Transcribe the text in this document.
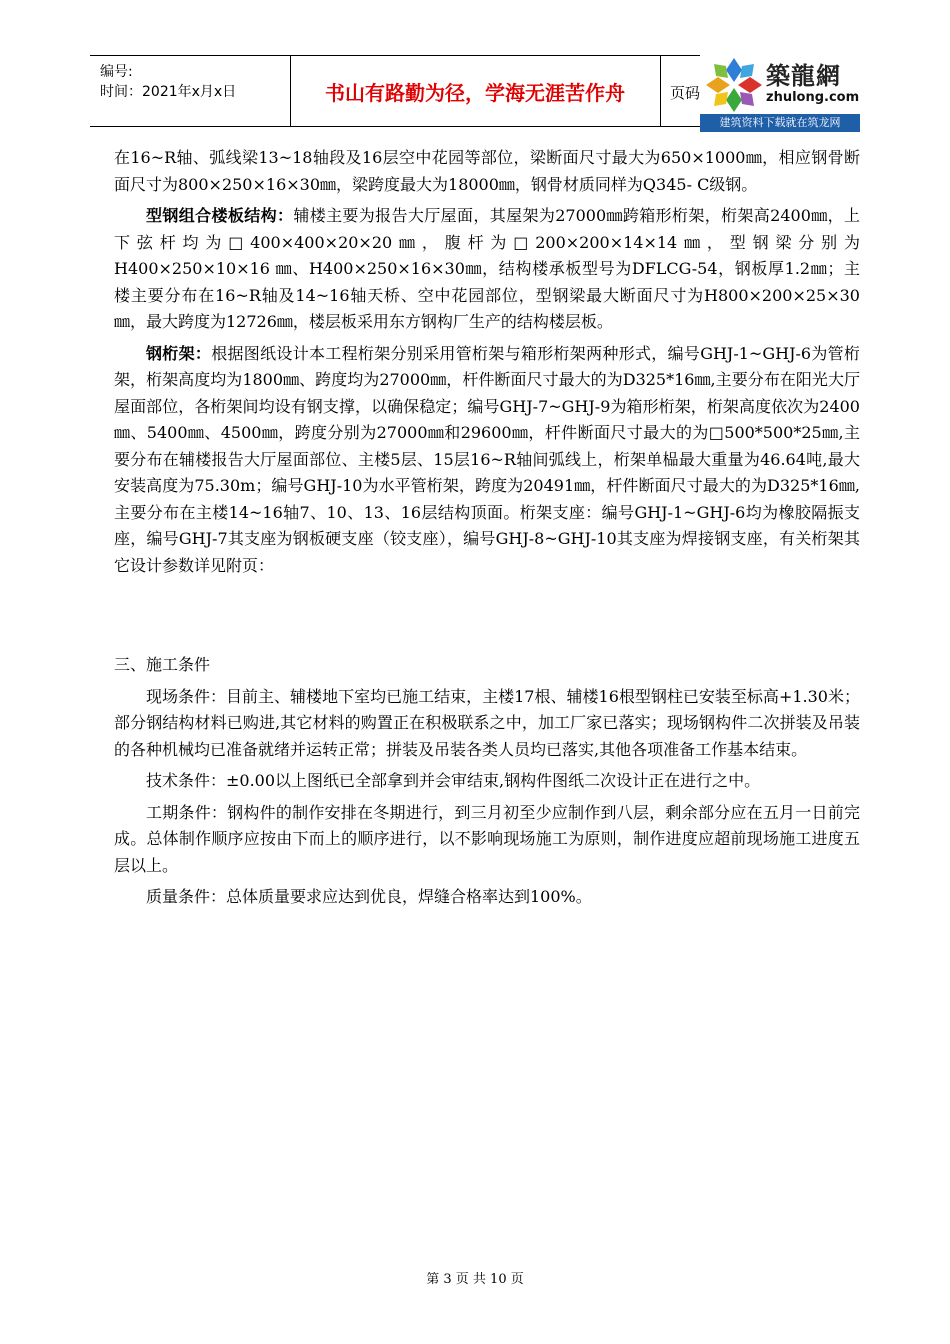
编号:
时间：2021年x月x日	书山有路勤为径，学海无涯苦作舟	页码
築龍網
zhulong.com
建筑资料下载就在筑龙网

在16~R轴、弧线梁13~18轴段及16层空中花园等部位，梁断面尺寸最大为650×1000㎜，相应钢骨断面尺寸为800×250×16×30㎜，梁跨度最大为18000㎜，钢骨材质同样为Q345- C级钢。

型钢组合楼板结构：辅楼主要为报告大厅屋面，其屋架为27000㎜跨箱形桁架，桁架高2400㎜，上下弦杆均为□400×400×20×20㎜，腹杆为□200×200×14×14㎜，型钢梁分别为H400×250×10×16 ㎜、H400×250×16×30㎜，结构楼承板型号为DFLCG-54，钢板厚1.2㎜；主楼主要分布在16~R轴及14~16轴天桥、空中花园部位，型钢梁最大断面尺寸为H800×200×25×30㎜，最大跨度为12726㎜，楼层板采用东方钢构厂生产的结构楼层板。

钢桁架：根据图纸设计本工程桁架分别采用管桁架与箱形桁架两种形式，编号GHJ-1~GHJ-6为管桁架，桁架高度均为1800㎜、跨度均为27000㎜，杆件断面尺寸最大的为D325*16㎜,主要分布在阳光大厅屋面部位，各桁架间均设有钢支撑，以确保稳定；编号GHJ-7~GHJ-9为箱形桁架，桁架高度依次为2400㎜、5400㎜、4500㎜，跨度分别为27000㎜和29600㎜，杆件断面尺寸最大的为□500*500*25㎜,主要分布在辅楼报告大厅屋面部位、主楼5层、15层16~R轴间弧线上，桁架单榀最大重量为46.64吨,最大安装高度为75.30m；编号GHJ-10为水平管桁架，跨度为20491㎜，杆件断面尺寸最大的为D325*16㎜,主要分布在主楼14~16轴7、10、13、16层结构顶面。桁架支座：编号GHJ-1~GHJ-6均为橡胶隔振支座，编号GHJ-7其支座为钢板硬支座（铰支座），编号GHJ-8~GHJ-10其支座为焊接钢支座，有关桁架其它设计参数详见附页：

三、施工条件

现场条件：目前主、辅楼地下室均已施工结束，主楼17根、辅楼16根型钢柱已安装至标高+1.30米；部分钢结构材料已购进,其它材料的购置正在积极联系之中，加工厂家已落实；现场钢构件二次拼装及吊装的各种机械均已准备就绪并运转正常；拼装及吊装各类人员均已落实,其他各项准备工作基本结束。

技术条件：±0.00以上图纸已全部拿到并会审结束,钢构件图纸二次设计正在进行之中。

工期条件：钢构件的制作安排在冬期进行，到三月初至少应制作到八层，剩余部分应在五月一日前完成。总体制作顺序应按由下而上的顺序进行，以不影响现场施工为原则，制作进度应超前现场施工进度五层以上。

质量条件：总体质量要求应达到优良，焊缝合格率达到100%。

第 3 页 共 10 页
